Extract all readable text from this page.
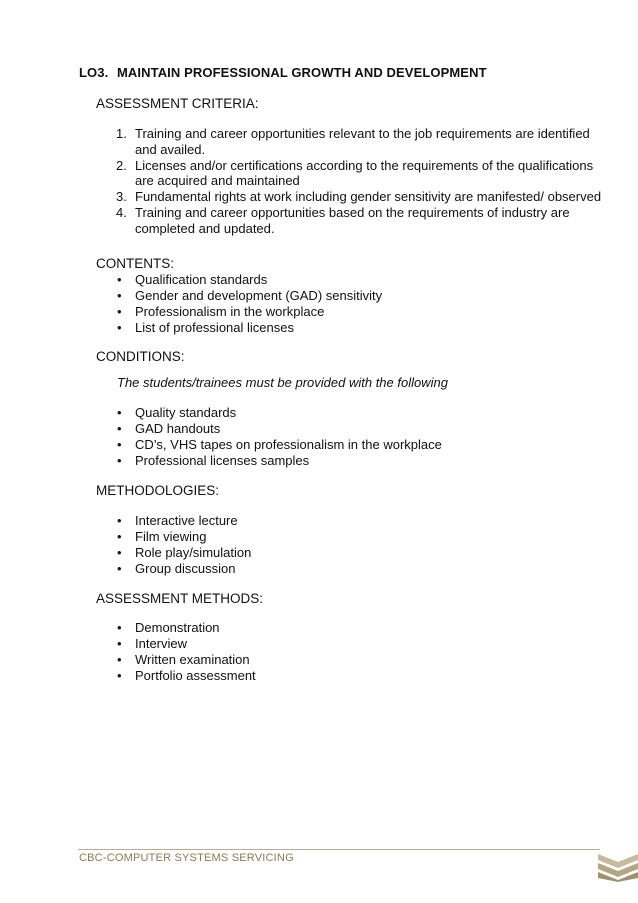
LO3. MAINTAIN PROFESSIONAL GROWTH AND DEVELOPMENT
ASSESSMENT CRITERIA:
1. Training and career opportunities relevant to the job requirements are identified
and availed.
2. Licenses and/or certifications according to the requirements of the qualifications
are acquired and maintained
3. Fundamental rights at work including gender sensitivity are manifested/ observed
4. Training and career opportunities based on the requirements of industry are
completed and updated.
CONTENTS:
• Qualification standards
• Gender and development (GAD) sensitivity
• Professionalism in the workplace
• List of professional licenses
CONDITIONS:
The students/trainees must be provided with the following
• Quality standards
• GAD handouts
• CD’s, VHS tapes on professionalism in the workplace
• Professional licenses samples
METHODOLOGIES:
• Interactive lecture
• Film viewing
• Role play/simulation
• Group discussion
ASSESSMENT METHODS:
• Demonstration
• Interview
• Written examination
• Portfolio assessment
CBC-COMPUTER SYSTEMS SERVICING
